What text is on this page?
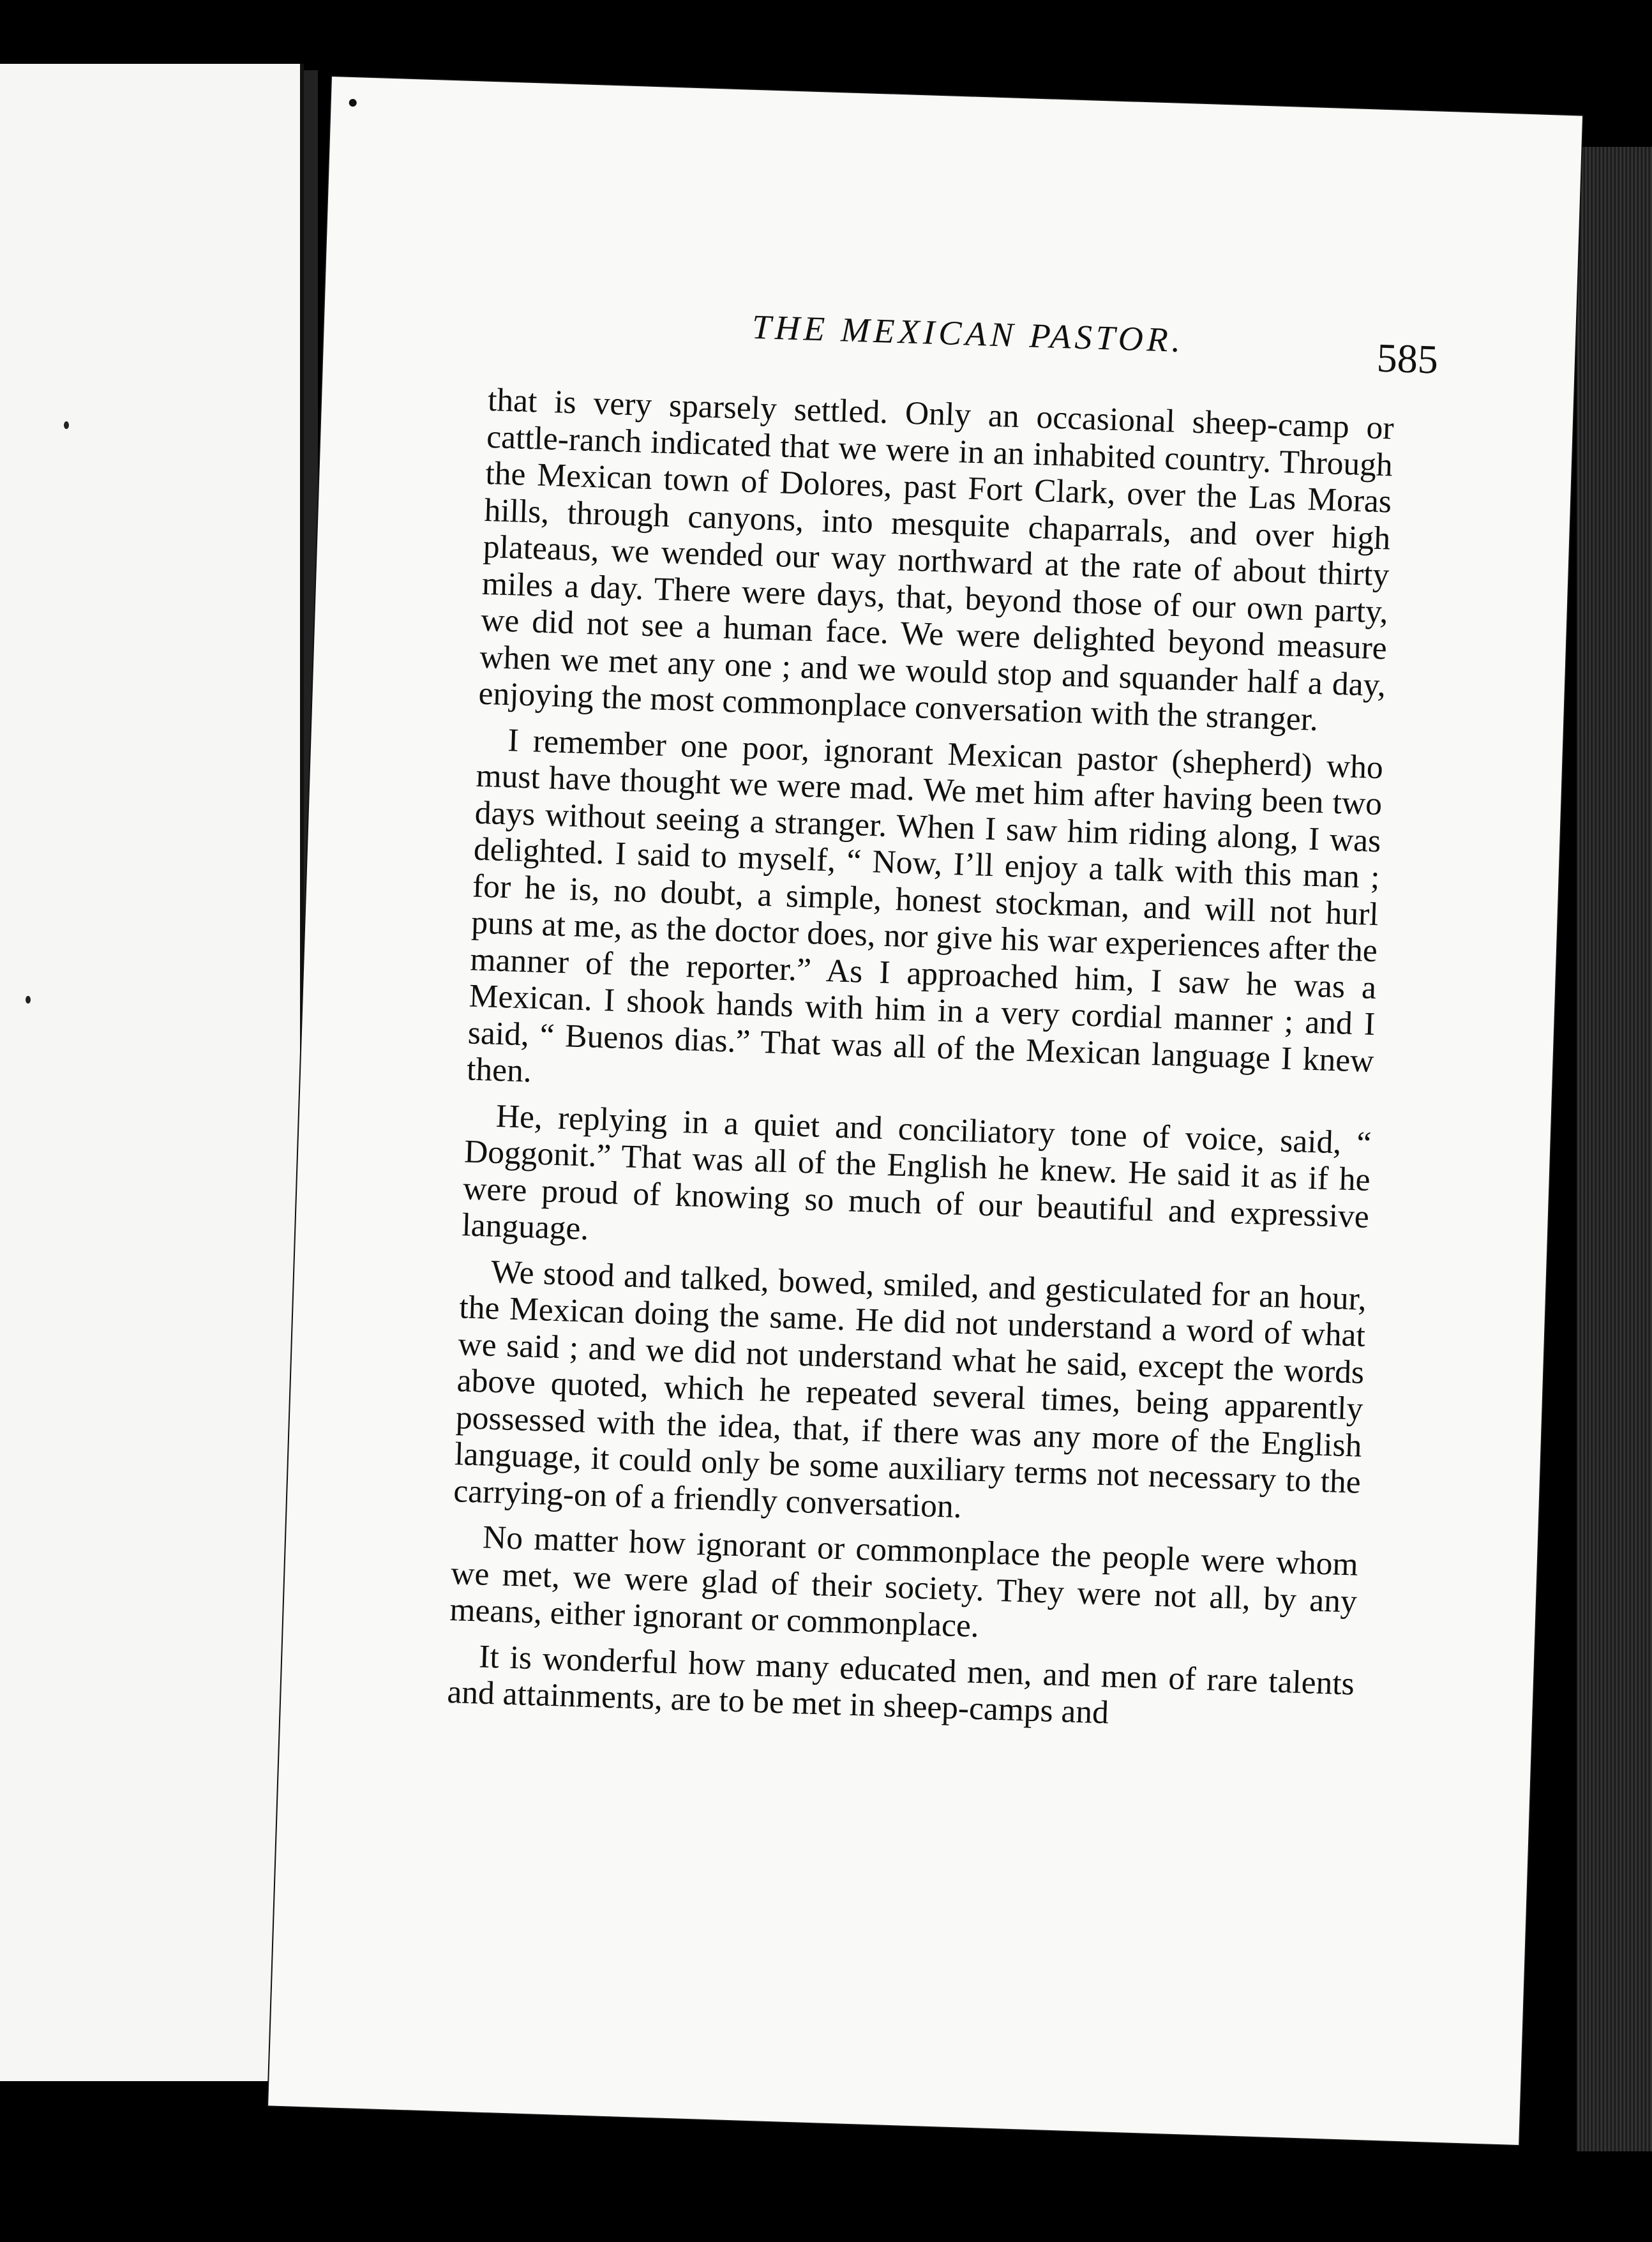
THE MEXICAN PASTOR.	585

that is very sparsely settled. Only an occasional sheep-camp or cattle-ranch indicated that we were in an inhabited country. Through the Mexican town of Dolores, past Fort Clark, over the Las Moras hills, through canyons, into mesquite chaparrals, and over high plateaus, we wended our way northward at the rate of about thirty miles a day. There were days, that, beyond those of our own party, we did not see a human face. We were delighted beyond measure when we met any one ; and we would stop and squander half a day, enjoying the most commonplace conversation with the stranger.

I remember one poor, ignorant Mexican pastor (shepherd) who must have thought we were mad. We met him after having been two days without seeing a stranger. When I saw him riding along, I was delighted. I said to myself, “ Now, I’ll enjoy a talk with this man ; for he is, no doubt, a simple, honest stockman, and will not hurl puns at me, as the doctor does, nor give his war experiences after the manner of the reporter.” As I approached him, I saw he was a Mexican. I shook hands with him in a very cordial manner ; and I said, “ Buenos dias.” That was all of the Mexican language I knew then.

He, replying in a quiet and conciliatory tone of voice, said, “ Doggonit.” That was all of the English he knew. He said it as if he were proud of knowing so much of our beautiful and expressive language.

We stood and talked, bowed, smiled, and gesticulated for an hour, the Mexican doing the same. He did not understand a word of what we said ; and we did not understand what he said, except the words above quoted, which he repeated several times, being apparently possessed with the idea, that, if there was any more of the English language, it could only be some auxiliary terms not necessary to the carrying-on of a friendly conversation.

No matter how ignorant or commonplace the people were whom we met, we were glad of their society. They were not all, by any means, either ignorant or commonplace.

It is wonderful how many educated men, and men of rare talents and attainments, are to be met in sheep-camps and
